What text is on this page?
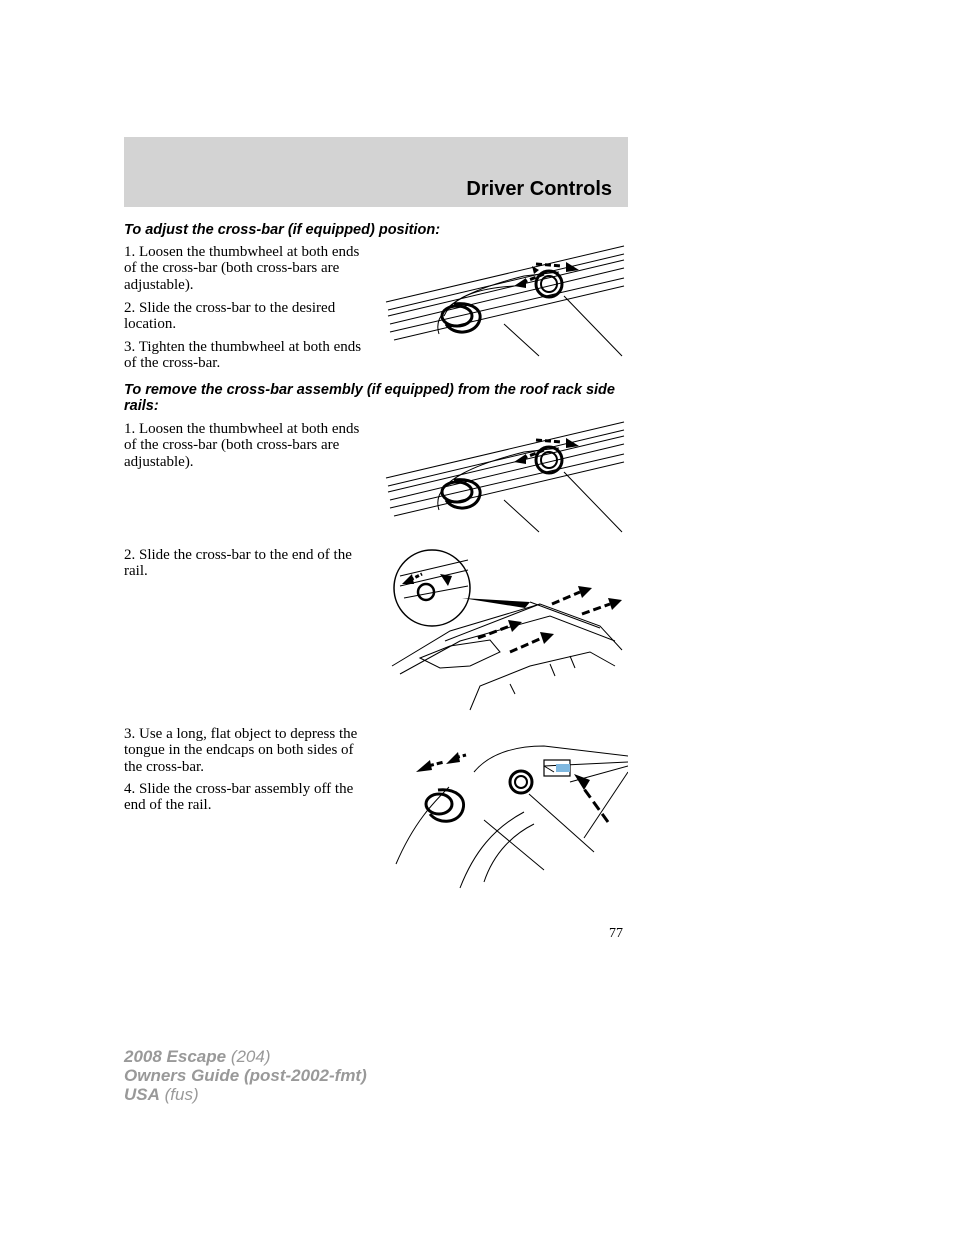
Driver Controls
To adjust the cross-bar (if equipped) position:
1. Loosen the thumbwheel at both ends of the cross-bar (both cross-bars are adjustable).
2. Slide the cross-bar to the desired location.
3. Tighten the thumbwheel at both ends of the cross-bar.
To remove the cross-bar assembly (if equipped) from the roof rack side rails:
1. Loosen the thumbwheel at both ends of the cross-bar (both cross-bars are adjustable).
2. Slide the cross-bar to the end of the rail.
3. Use a long, flat object to depress the tongue in the endcaps on both sides of the cross-bar.
4. Slide the cross-bar assembly off the end of the rail.
77
2008 Escape (204)
Owners Guide (post-2002-fmt)
USA (fus)
